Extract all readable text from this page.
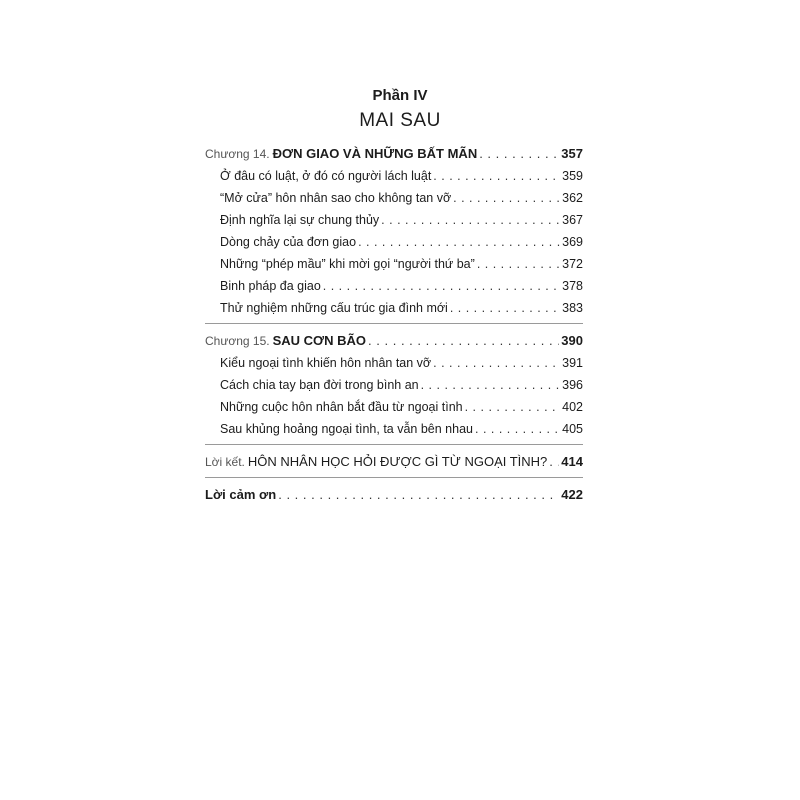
Phần IV
MAI SAU
Chương 14. ĐƠN GIAO VÀ NHỮNG BẤT MÃN . . .	357
Ở đâu có luật, ở đó có người lách luật . . .	359
“Mở cửa” hôn nhân sao cho không tan vỡ . . .	362
Định nghĩa lại sự chung thủy . . .	367
Dòng chảy của đơn giao . . .	369
Những “phép mầu” khi mời gọi “người thứ ba” . . .	372
Binh pháp đa giao . . .	378
Thử nghiệm những cấu trúc gia đình mới . . .	383
Chương 15. SAU CƠN BÃO . . .	390
Kiểu ngoại tình khiến hôn nhân tan vỡ . . .	391
Cách chia tay bạn đời trong bình an . . .	396
Những cuộc hôn nhân bắt đầu từ ngoại tình . . .	402
Sau khủng hoảng ngoại tình, ta vẫn bên nhau . . .	405
Lời kết. HÔN NHÂN HỌC HỎI ĐƯỢC GÌ TỪ NGOẠI TÌNH? . . . 414
Lời cảm ơn . . .	422
